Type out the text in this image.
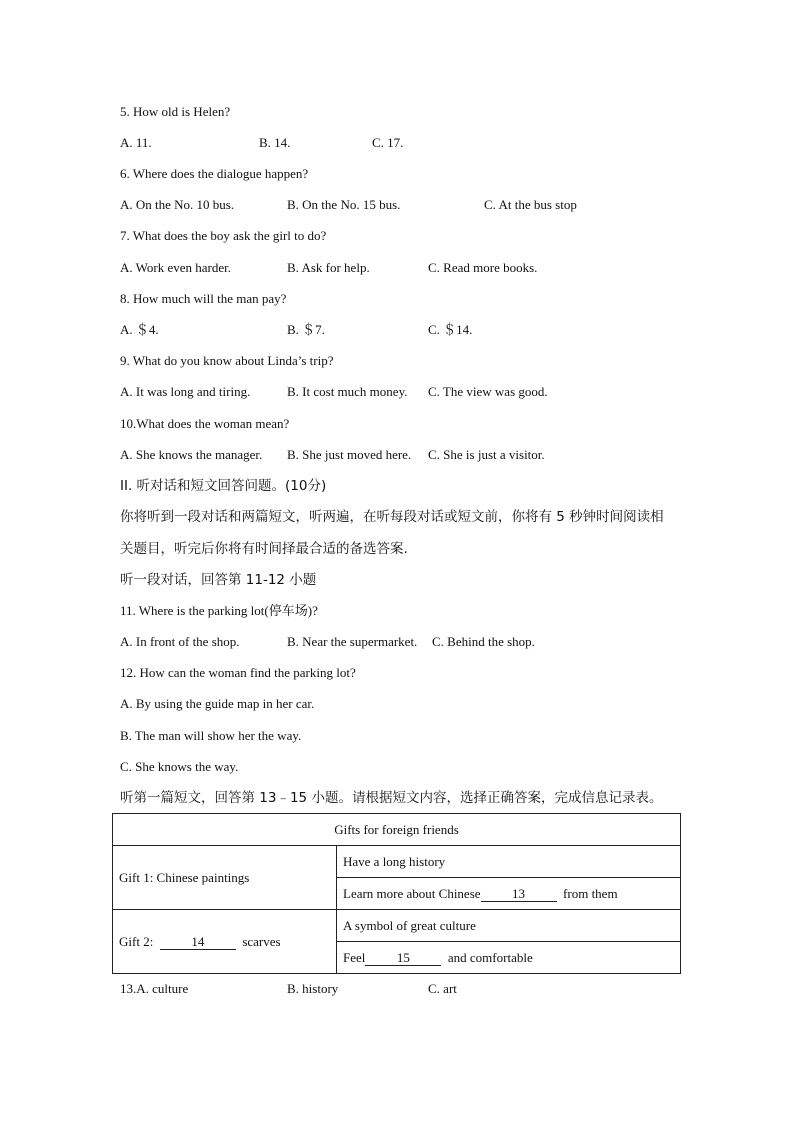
5. How old is Helen?
A. 11.	B. 14.	C. 17.
6. Where does the dialogue happen?
A. On the No. 10 bus.	B. On the No. 15 bus.	C. At the bus stop
7. What does the boy ask the girl to do?
A. Work even harder.	B. Ask for help.	C. Read more books.
8. How much will the man pay?
A. ＄4.	B. ＄7.	C. ＄14.
9. What do you know about Linda’s trip?
A. It was long and tiring.	B. It cost much money. C. The view was good.
10.What does the woman mean?
A. She knows the manager. B. She just moved here. C. She is just a visitor.
II. 听对话和短文回答问题。(10分)
你将听到一段对话和两篇短文，听两遍，在听每段对话或短文前，你将有 5 秒钟时间阅读相
关题目，听完后你将有时间择最合适的备选答案.
听一段对话，回答第 11-12 小题
11. Where is the parking lot(停车场)?
A. In front of the shop.	B. Near the supermarket. C. Behind the shop.
12. How can the woman find the parking lot?
A. By using the guide map in her car.
B. The man will show her the way.
C. She knows the way.
听第一篇短文，回答第 13﹣15 小题。请根据短文内容，选择正确答案，完成信息记录表。
Gifts for foreign friends	
Gift 1: Chinese paintings	Have a long history
	Learn more about Chinese 13 from them
Gift 2: 14 scarves	A symbol of great culture
	Feel 15 and comfortable
13.A. culture	B. history	C. art
